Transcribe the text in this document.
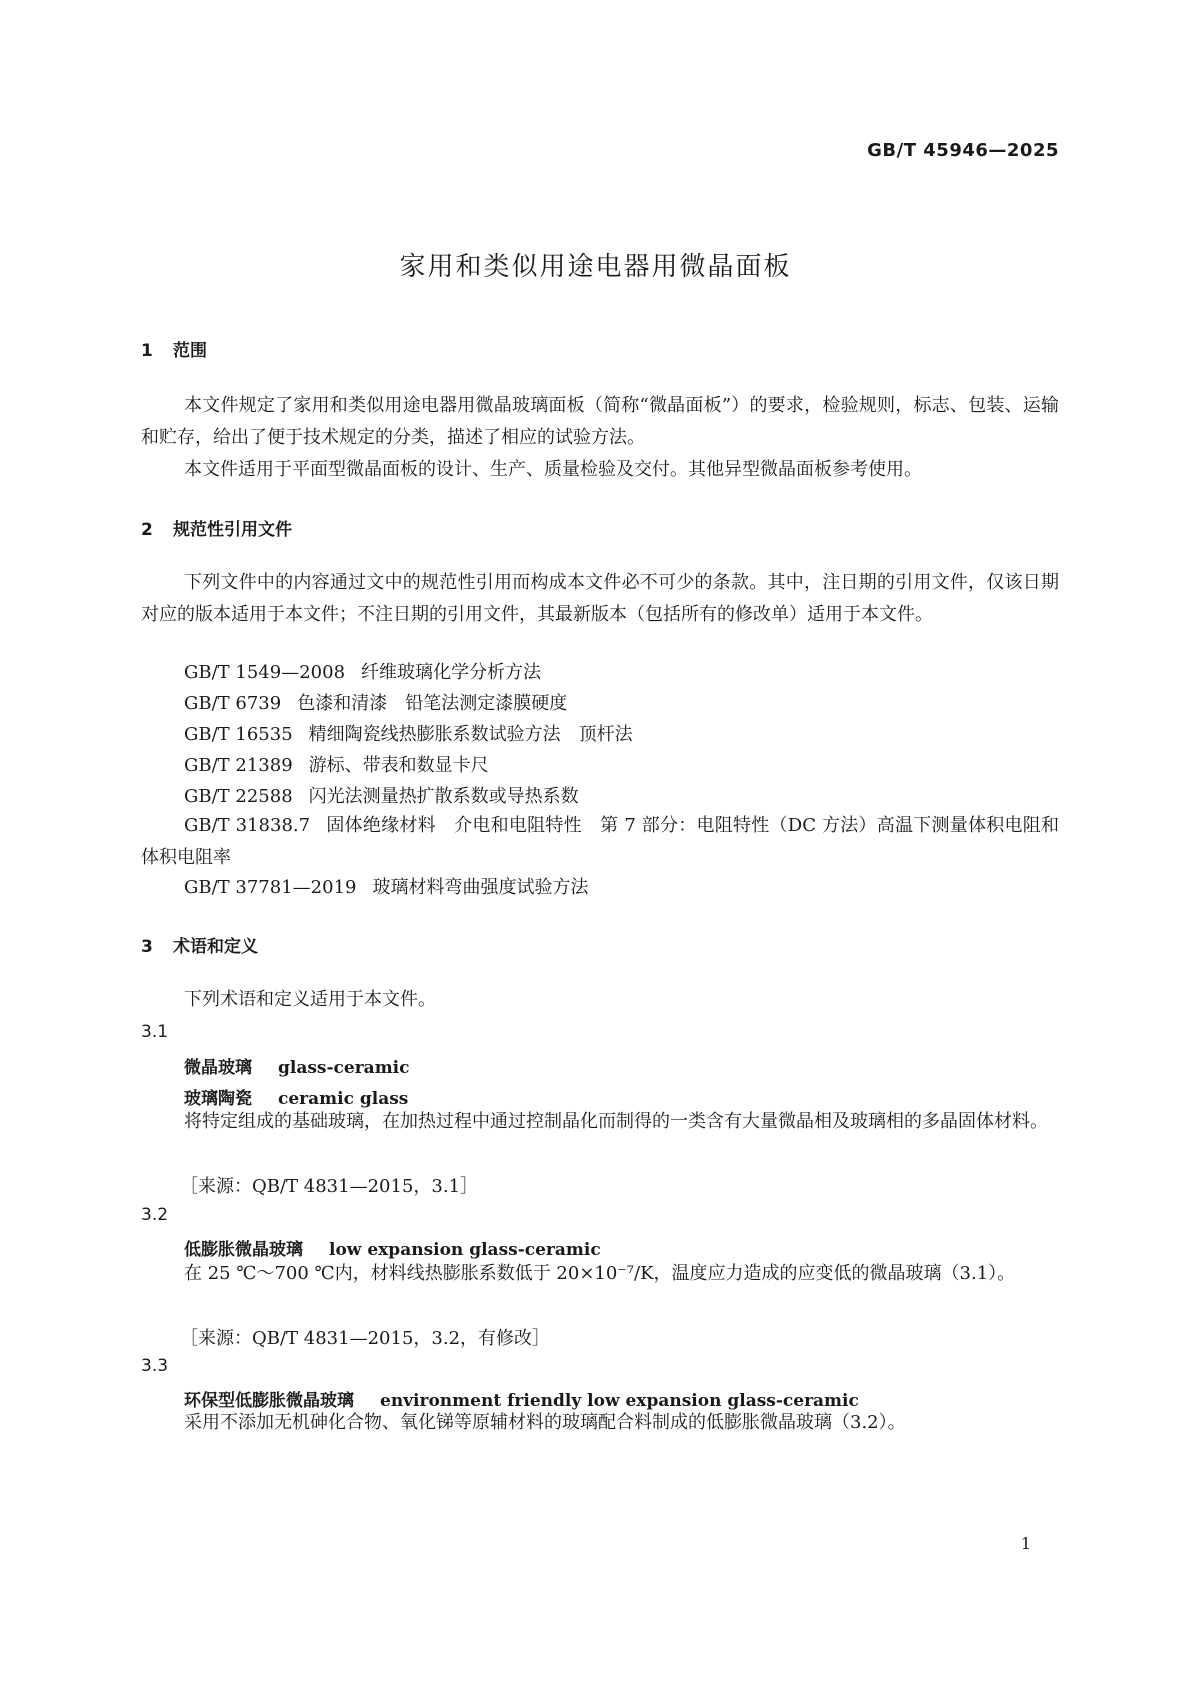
GB/T 45946—2025
家用和类似用途电器用微晶面板
1 范围
本文件规定了家用和类似用途电器用微晶玻璃面板（简称“微晶面板”）的要求，检验规则，标志、包装、运输和贮存，给出了便于技术规定的分类，描述了相应的试验方法。
本文件适用于平面型微晶面板的设计、生产、质量检验及交付。其他异型微晶面板参考使用。
2 规范性引用文件
下列文件中的内容通过文中的规范性引用而构成本文件必不可少的条款。其中，注日期的引用文件，仅该日期对应的版本适用于本文件；不注日期的引用文件，其最新版本（包括所有的修改单）适用于本文件。
GB/T 1549—2008 纤维玻璃化学分析方法
GB/T 6739 色漆和清漆　铅笔法测定漆膜硬度
GB/T 16535 精细陶瓷线热膨胀系数试验方法　顶杆法
GB/T 21389 游标、带表和数显卡尺
GB/T 22588 闪光法测量热扩散系数或导热系数
GB/T 31838.7 固体绝缘材料　介电和电阻特性　第 7 部分：电阻特性（DC 方法）高温下测量体积电阻和体积电阻率
GB/T 37781—2019 玻璃材料弯曲强度试验方法
3 术语和定义
下列术语和定义适用于本文件。
3.1
微晶玻璃 glass-ceramic
玻璃陶瓷 ceramic glass
将特定组成的基础玻璃，在加热过程中通过控制晶化而制得的一类含有大量微晶相及玻璃相的多晶固体材料。
［来源：QB/T 4831—2015，3.1］
3.2
低膨胀微晶玻璃 low expansion glass-ceramic
在 25 ℃～700 ℃内，材料线热膨胀系数低于 20×10⁻⁷/K，温度应力造成的应变低的微晶玻璃（3.1）。
［来源：QB/T 4831—2015，3.2，有修改］
3.3
环保型低膨胀微晶玻璃 environment friendly low expansion glass-ceramic
采用不添加无机砷化合物、氧化锑等原辅材料的玻璃配合料制成的低膨胀微晶玻璃（3.2）。
1
